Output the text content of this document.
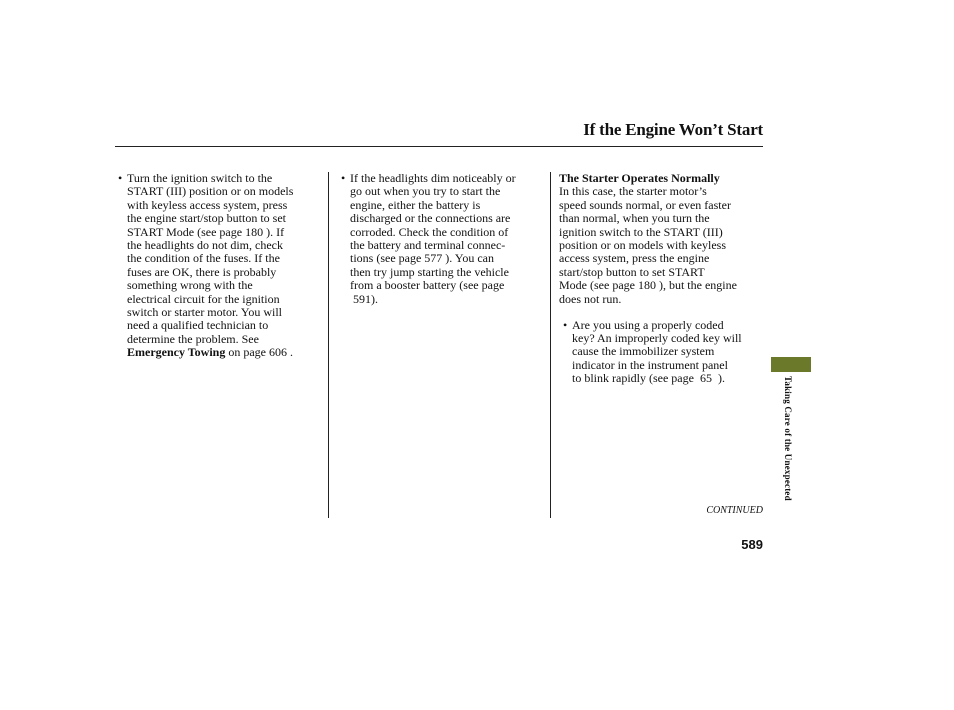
If the Engine Won’t Start
• Turn the ignition switch to the
START (III) position or on models
with keyless access system, press
the engine start/stop button to set
START Mode (see page 180 ). If
the headlights do not dim, check
the condition of the fuses. If the
fuses are OK, there is probably
something wrong with the
electrical circuit for the ignition
switch or starter motor. You will
need a qualified technician to
determine the problem. See
Emergency Towing on page 606 .
• If the headlights dim noticeably or
go out when you try to start the
engine, either the battery is
discharged or the connections are
corroded. Check the condition of
the battery and terminal connec-
tions (see page 577 ). You can
then try jump starting the vehicle
from a booster battery (see page
591).
The Starter Operates Normally
In this case, the starter motor’s
speed sounds normal, or even faster
than normal, when you turn the
ignition switch to the START (III)
position or on models with keyless
access system, press the engine
start/stop button to set START
Mode (see page 180 ), but the engine
does not run.
• Are you using a properly coded
key? An improperly coded key will
cause the immobilizer system
indicator in the instrument panel
to blink rapidly (see page  65  ).	Taking Care of the Unexpected
CONTINUED
589
